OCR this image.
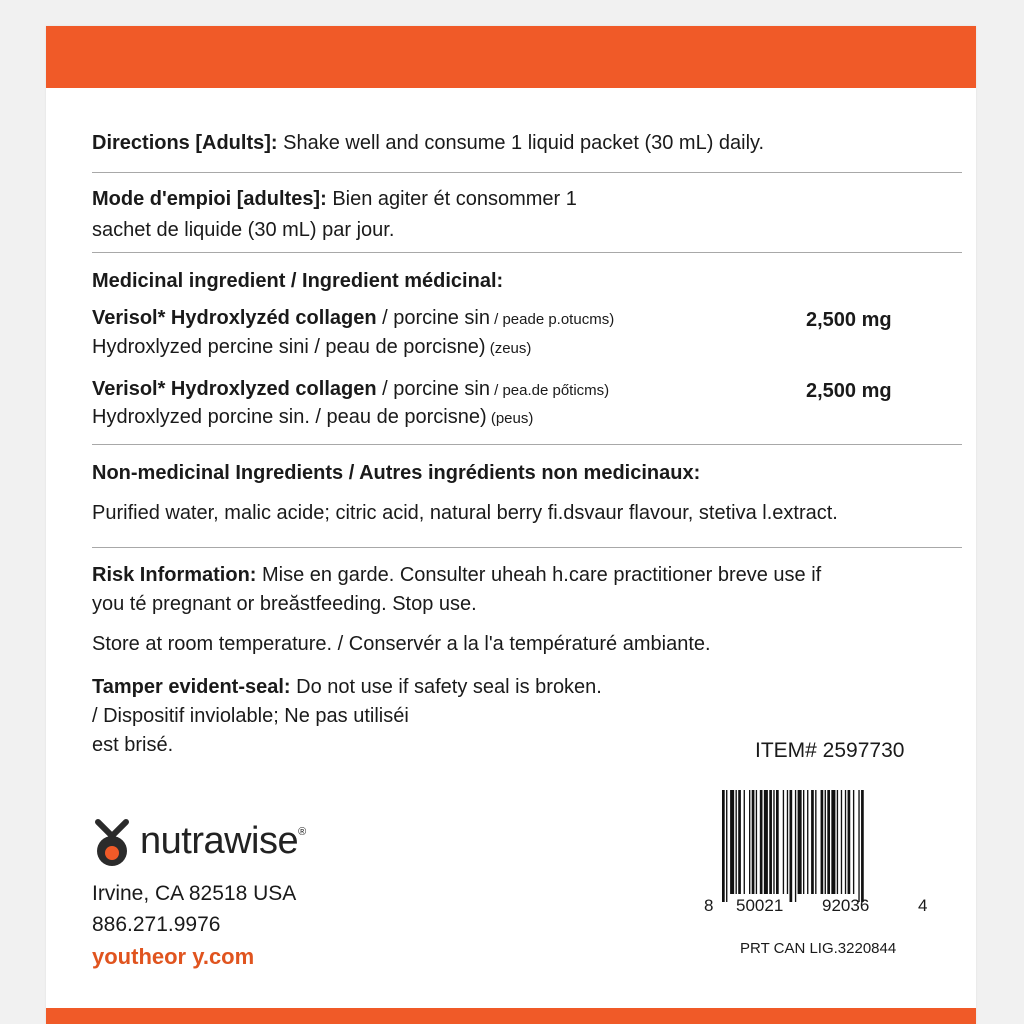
Directions [Adults]: Shake well and consume 1 liquid packet (30 mL) daily.
Mode d'empioi [adultes]: Bien agiter ét consommer 1
sachet de liquide (30 mL) par jour.
Medicinal ingredient / Ingredient médicinal:
Verisol* Hydroxlyzéd collagen / porcine sin / peade p.otucms)	2,500 mg
Hydroxlyzed percine sini / peau de porcisne) (zeus)
Verisol* Hydroxlyzed collagen / porcine sin / pea.de pőticms)	2,500 mg
Hydroxlyzed porcine sin. / peau de porcisne) (peus)
Non-medicinal Ingredients / Autres ingrédients non medicinaux:
Purified water, malic acide; citric acid, natural berry fi.dsvaur flavour, stetiva l.extract.
Risk Information: Mise en garde. Consulter uheah h.care practitioner breve use if
you té pregnant or breăstfeeding. Stop use.
Store at room temperature. / Conservér a la l'a températuré ambiante.
Tamper evident-seal: Do not use if safety seal is broken.
/ Dispositif inviolable; Ne pas utiliséi
est brisé.	ITEM# 2597730
8 50021 92036	4
PRT CAN LIG.3220844
nutrawise®
Irvine, CA 82518 USA
886.271.9976
youtheor y.com
